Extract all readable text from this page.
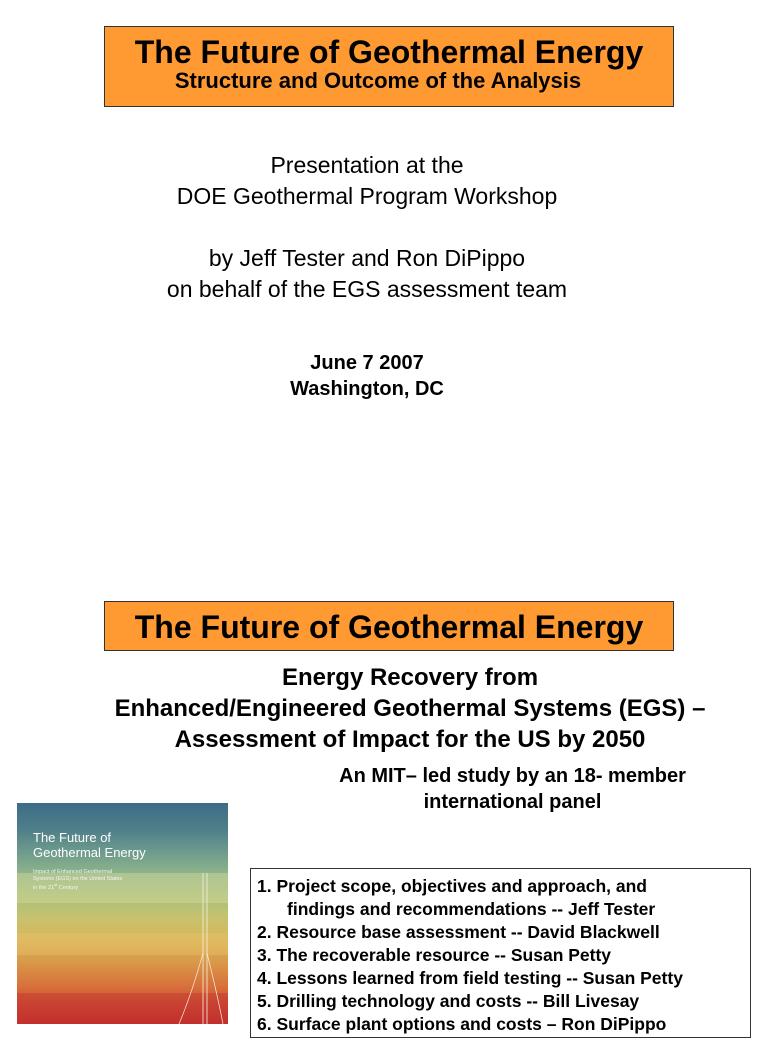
The Future of Geothermal Energy
Structure and Outcome of the Analysis
Presentation at the
DOE Geothermal Program Workshop
by Jeff Tester and Ron DiPippo
on behalf of the EGS assessment team
June 7 2007
Washington, DC
The Future of Geothermal Energy
Energy Recovery from
Enhanced/Engineered Geothermal Systems (EGS) –
Assessment of Impact for the US by 2050
An MIT– led study by an 18- member
international panel
The Future of
Geothermal Energy
Impact of Enhanced Geothermal
Systems (EGS) on the United States
in the 21st Century	1. Project scope, objectives and approach, and
findings and recommendations -- Jeff Tester
2. Resource base assessment -- David Blackwell
3. The recoverable resource -- Susan Petty
4. Lessons learned from field testing -- Susan Petty
5. Drilling technology and costs -- Bill Livesay
6. Surface plant options and costs – Ron DiPippo
